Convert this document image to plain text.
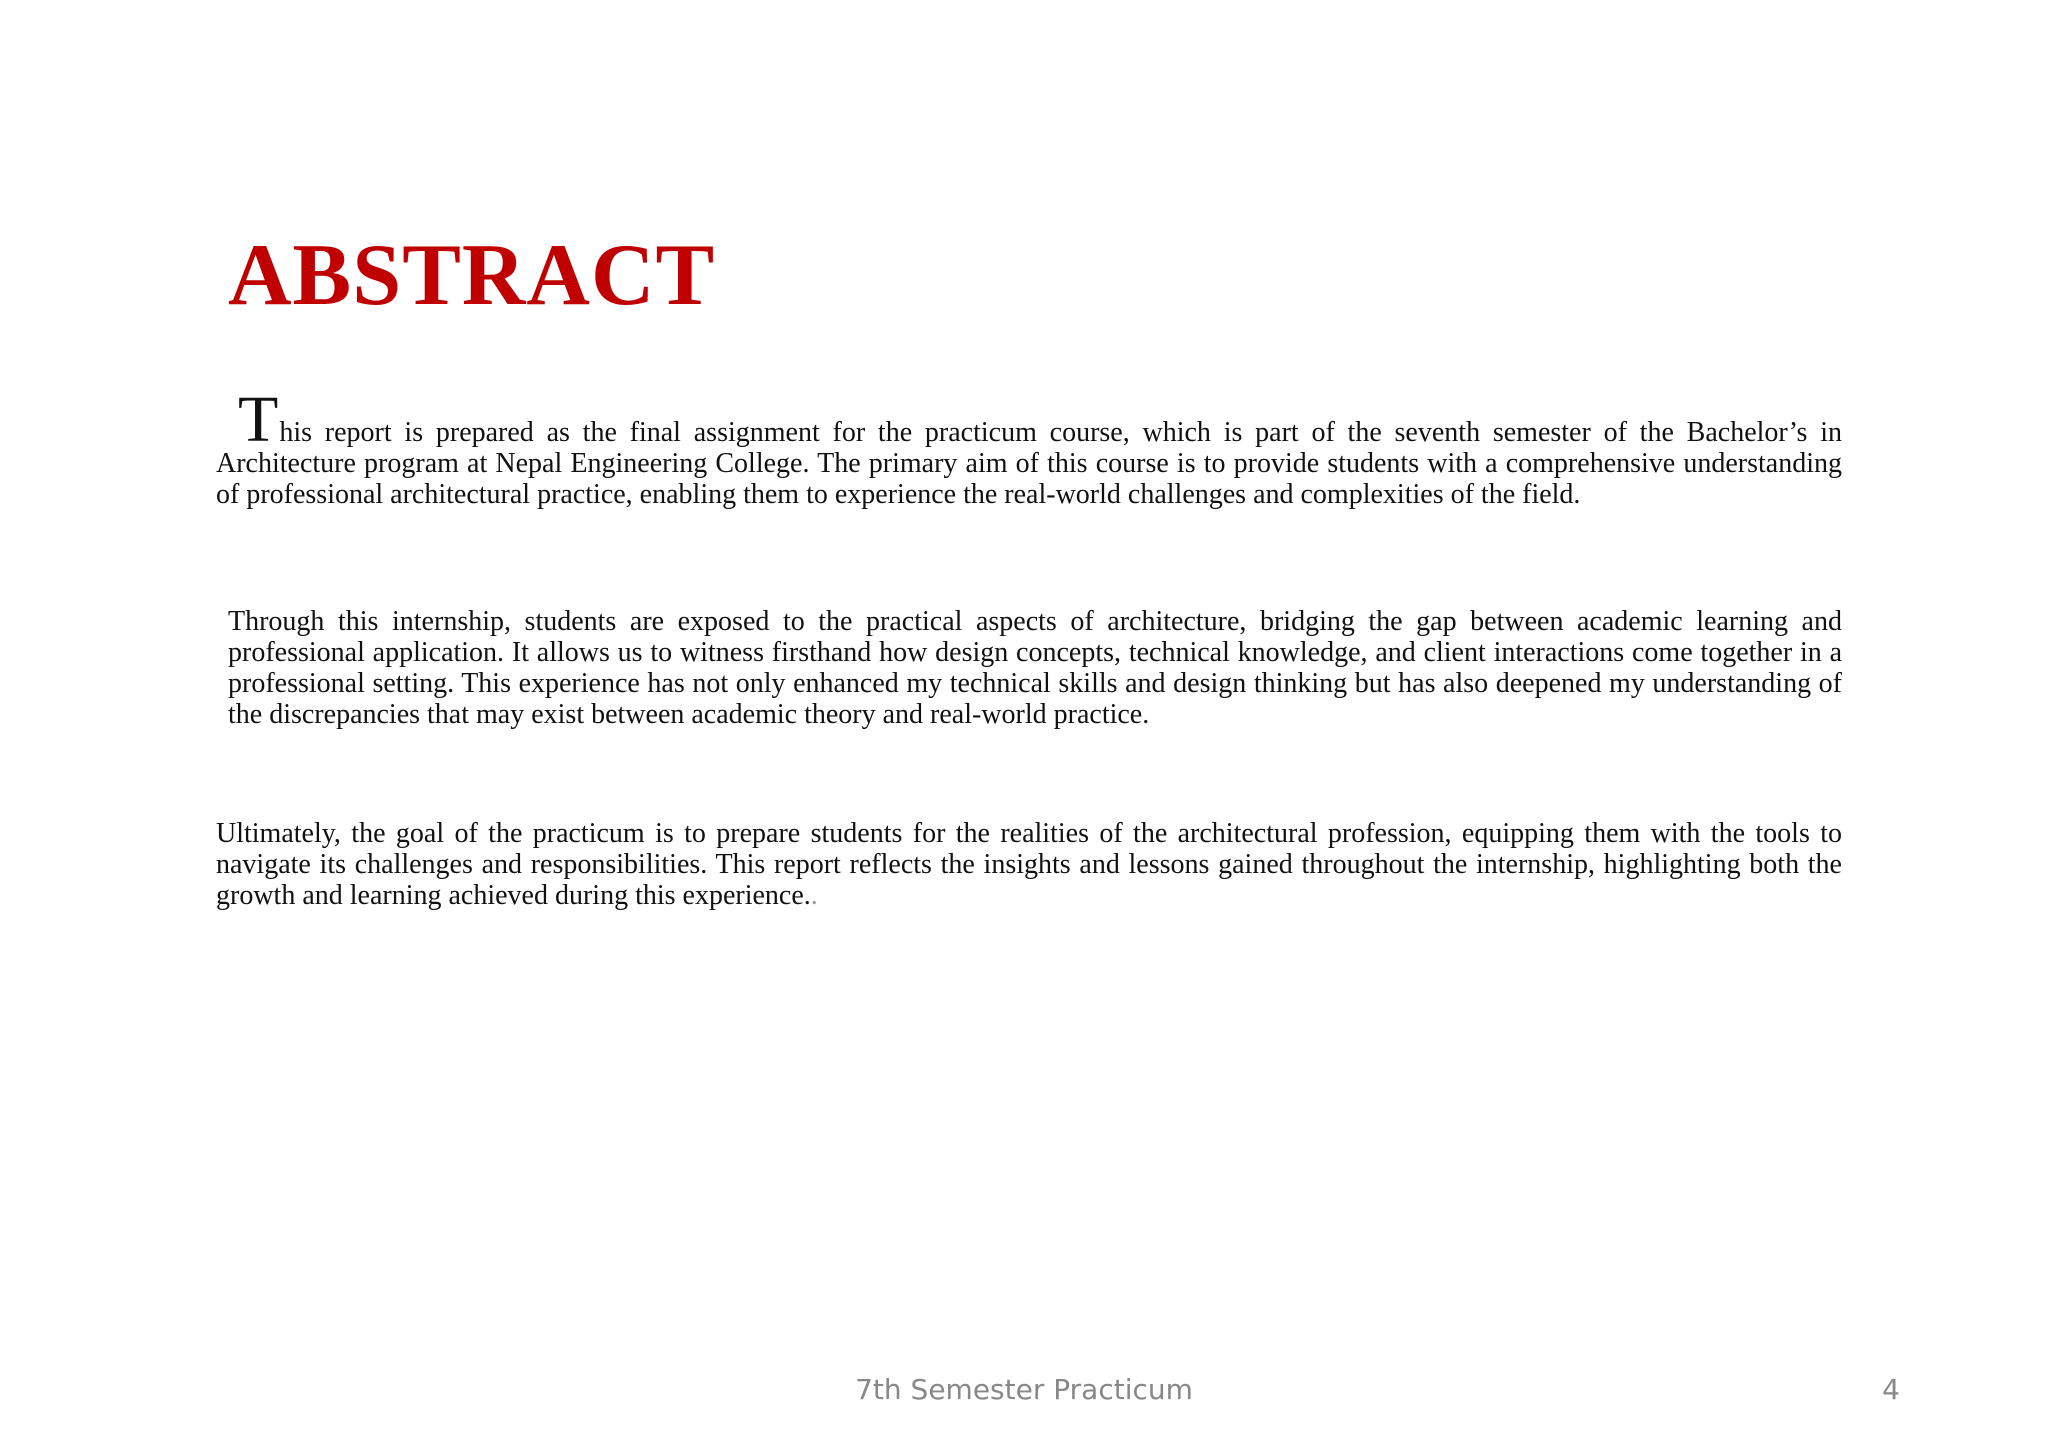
ABSTRACT

This report is prepared as the final assignment for the practicum course, which is part of the seventh semester of the Bachelor’s in Architecture program at Nepal Engineering College. The primary aim of this course is to provide students with a comprehensive understanding of professional architectural practice, enabling them to experience the real-world challenges and complexities of the field.

Through this internship, students are exposed to the practical aspects of architecture, bridging the gap between academic learning and professional application. It allows us to witness firsthand how design concepts, technical knowledge, and client interactions come together in a professional setting. This experience has not only enhanced my technical skills and design thinking but has also deepened my understanding of the discrepancies that may exist between academic theory and real-world practice.

Ultimately, the goal of the practicum is to prepare students for the realities of the architectural profession, equipping them with the tools to navigate its challenges and responsibilities. This report reflects the insights and lessons gained throughout the internship, highlighting both the growth and learning achieved during this experience..

7th Semester Practicum	4
